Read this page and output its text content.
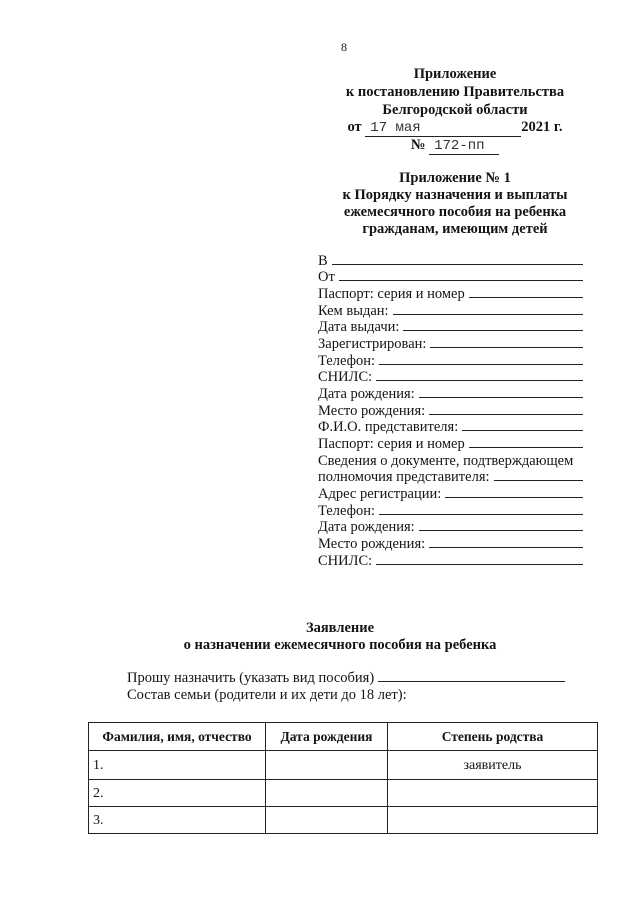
8
Приложение
к постановлению Правительства
Белгородской области
от 17 мая	2021 г.
№ 172-пп
Приложение № 1
к Порядку назначения и выплаты
ежемесячного пособия на ребенка
гражданам, имеющим детей
В
От
Паспорт: серия и номер
Кем выдан:
Дата выдачи:
Зарегистрирован:
Телефон:
СНИЛС:
Дата рождения:
Место рождения:
Ф.И.О. представителя:
Паспорт: серия и номер
Сведения о документе, подтверждающем
полномочия представителя:
Адрес регистрации:
Телефон:
Дата рождения:
Место рождения:
СНИЛС:
Заявление
о назначении ежемесячного пособия на ребенка
Прошу назначить (указать вид пособия)
Состав семьи (родители и их дети до 18 лет):
Фамилия, имя, отчество	Дата рождения	Степень родства
1.		заявитель
2.		
3.		
